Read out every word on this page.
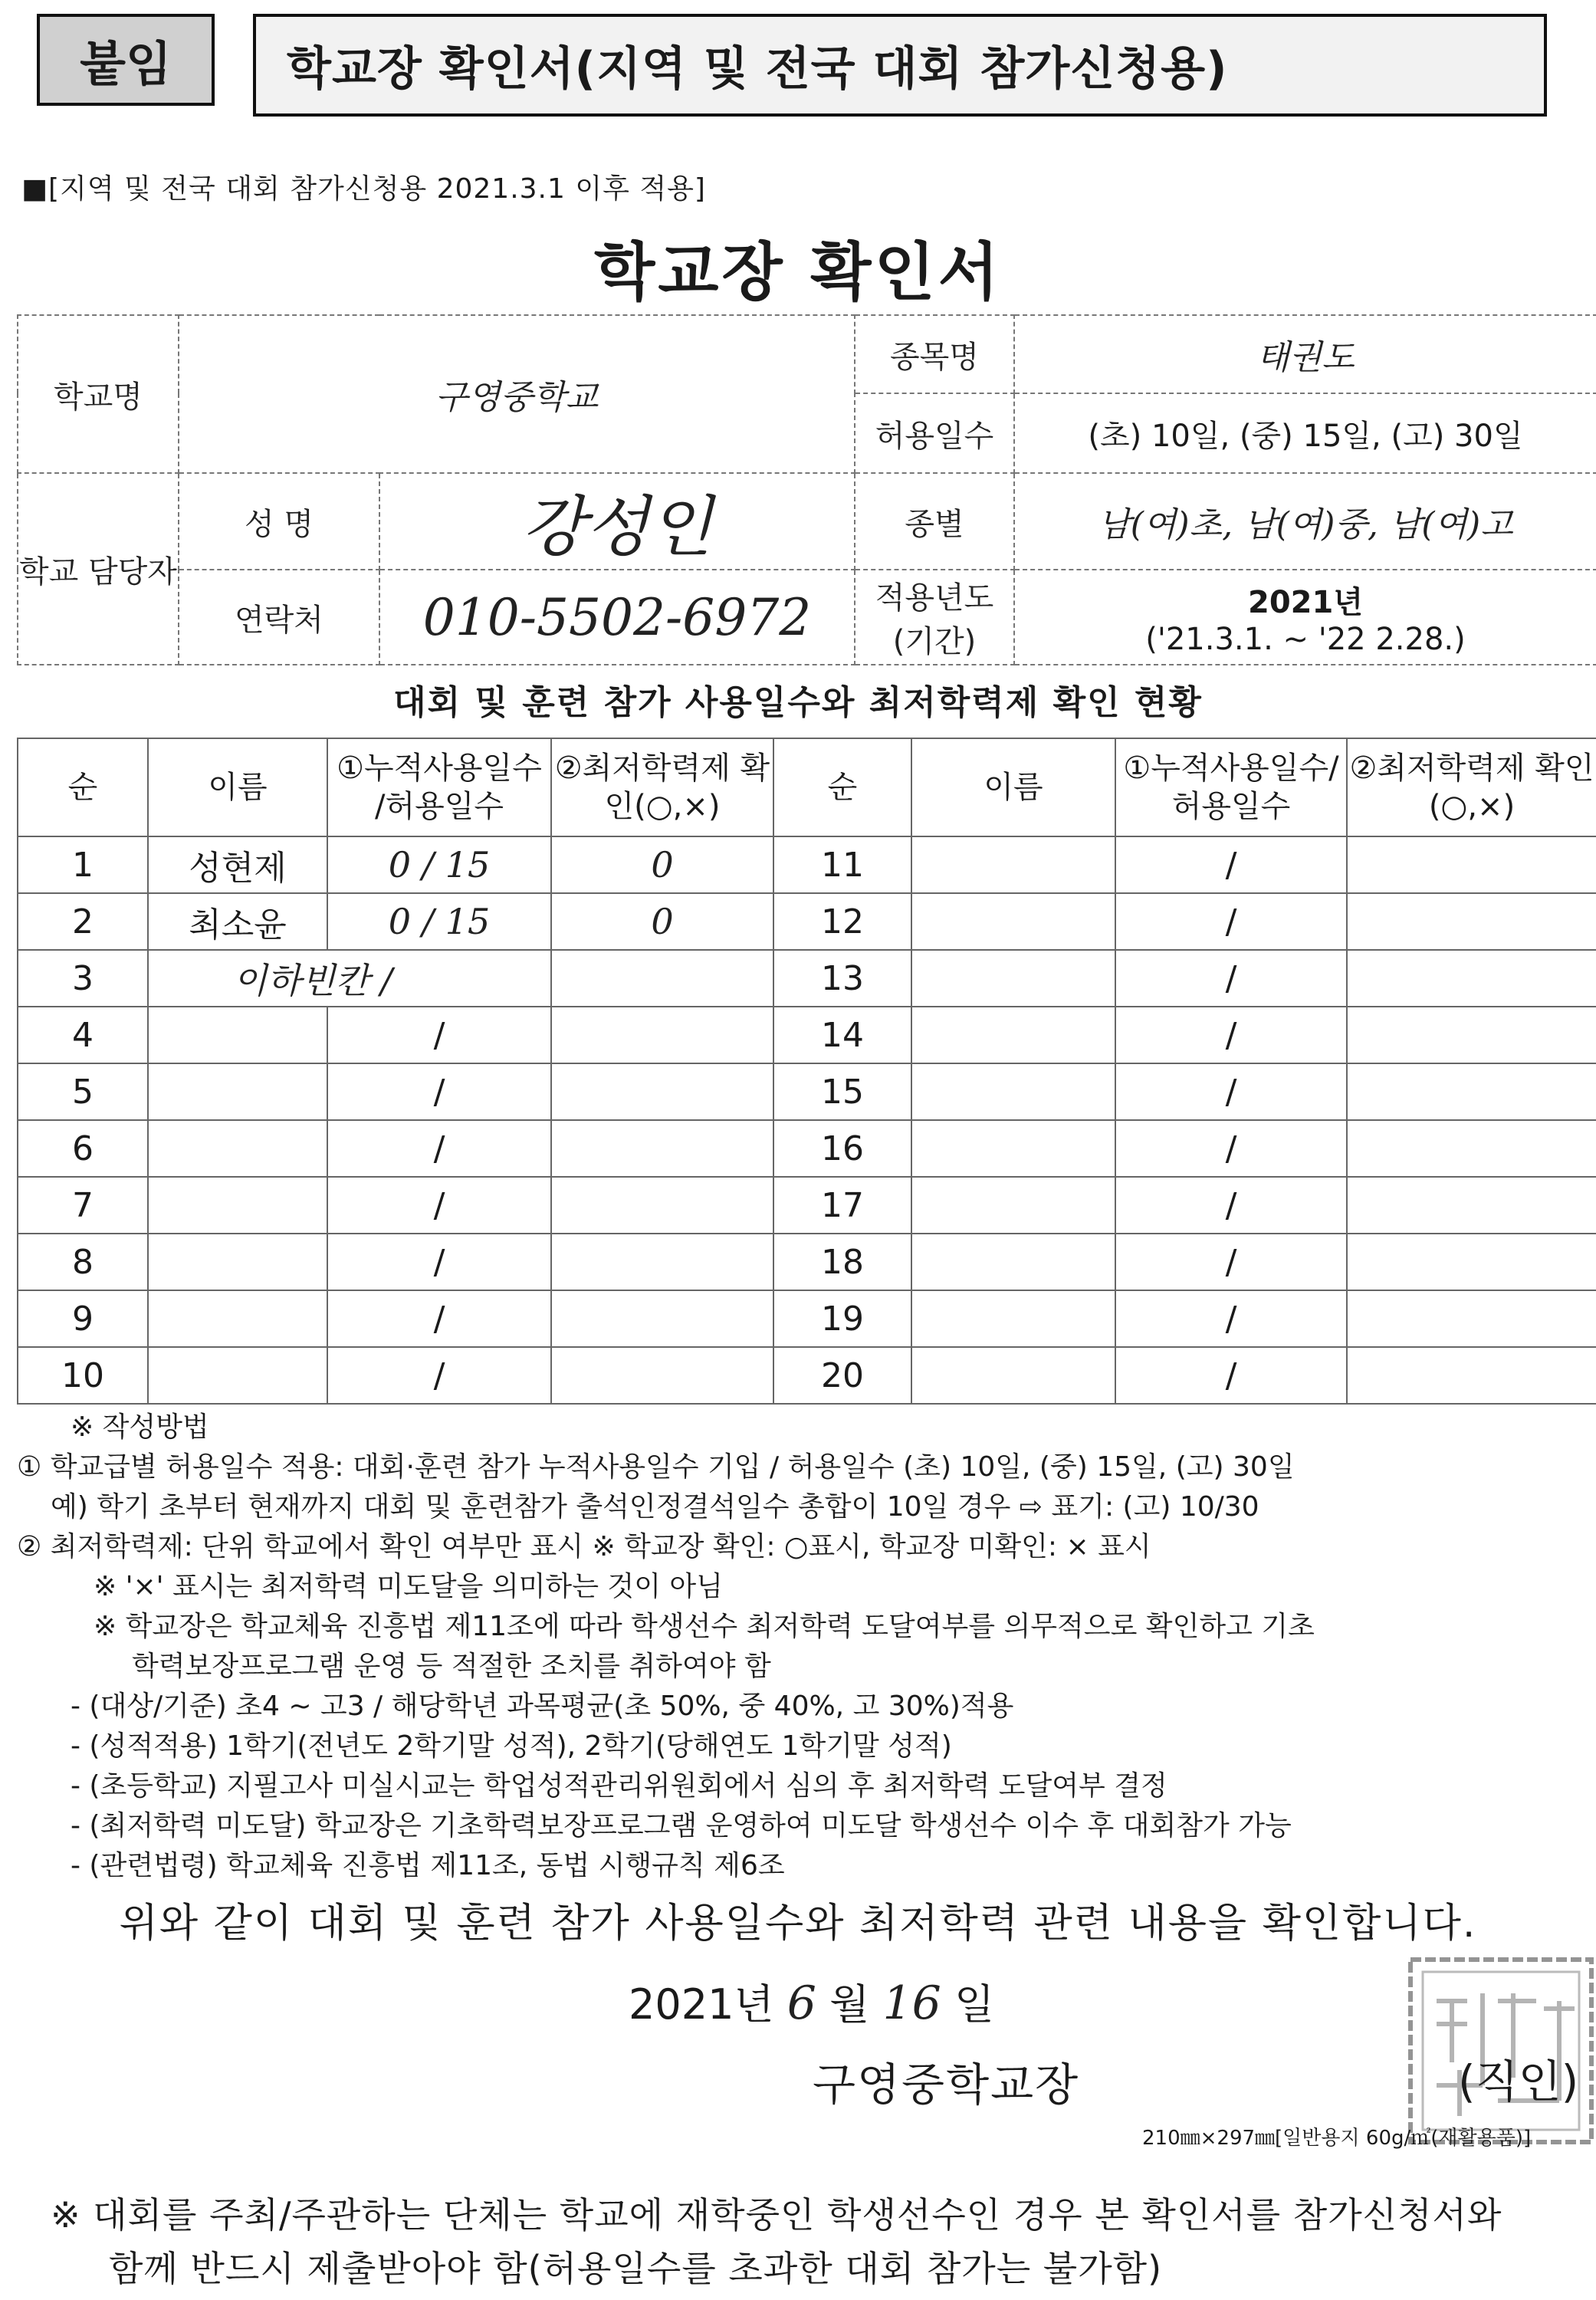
붙임	학교장 확인서(지역 및 전국 대회 참가신청용)
■[지역 및 전국 대회 참가신청용 2021.3.1 이후 적용]
학교장 확인서
학교명	구영중학교		종목명	태권도
			허용일수	(초) 10일, (중) 15일, (고) 30일
학교 담당자	성 명	강성인	종별	남(여)초, 남(여)중, 남(여)고
	연락처	010-5502-6972	적용년도 (기간)	2021년
('21.3.1. ~ '22 2.28.)
대회 및 훈련 참가 사용일수와 최저학력제 확인 현황
순	이름	①누적사용일수 /허용일수	②최저학력제 확인(○,×)	순	이름	①누적사용일수/ 허용일수	②최저학력제 확인(○,×)
1	성현제	0 / 15	0	11		/	
2	최소윤	0 / 15	0	12		/	
3	이하빈칸 /			13		/	
4		/		14		/	
5		/		15		/	
6		/		16		/	
7		/		17		/	
8		/		18		/	
9		/		19		/	
10		/		20		/	
※ 작성방법
① 학교급별 허용일수 적용: 대회·훈련 참가 누적사용일수 기입 / 허용일수 (초) 10일, (중) 15일, (고) 30일
예) 학기 초부터 현재까지 대회 및 훈련참가 출석인정결석일수 총합이 10일 경우 ⇨ 표기: (고) 10/30
② 최저학력제: 단위 학교에서 확인 여부만 표시 ※ 학교장 확인: ○표시, 학교장 미확인: × 표시
※ '×' 표시는 최저학력 미도달을 의미하는 것이 아님
※ 학교장은 학교체육 진흥법 제11조에 따라 학생선수 최저학력 도달여부를 의무적으로 확인하고 기초
학력보장프로그램 운영 등 적절한 조치를 취하여야 함
- (대상/기준) 초4 ~ 고3 / 해당학년 과목평균(초 50%, 중 40%, 고 30%)적용
- (성적적용) 1학기(전년도 2학기말 성적), 2학기(당해연도 1학기말 성적)
- (초등학교) 지필고사 미실시교는 학업성적관리위원회에서 심의 후 최저학력 도달여부 결정
- (최저학력 미도달) 학교장은 기초학력보장프로그램 운영하여 미도달 학생선수 이수 후 대회참가 가능
- (관련법령) 학교체육 진흥법 제11조, 동법 시행규칙 제6조
위와 같이 대회 및 훈련 참가 사용일수와 최저학력 관련 내용을 확인합니다.
2021년 6 월 16 일
구영중학교장	(직인)
210㎜×297㎜[일반용지 60g/㎡(재활용품)]
※ 대회를 주최/주관하는 단체는 학교에 재학중인 학생선수인 경우 본 확인서를 참가신청서와
함께 반드시 제출받아야 함(허용일수를 초과한 대회 참가는 불가함)
